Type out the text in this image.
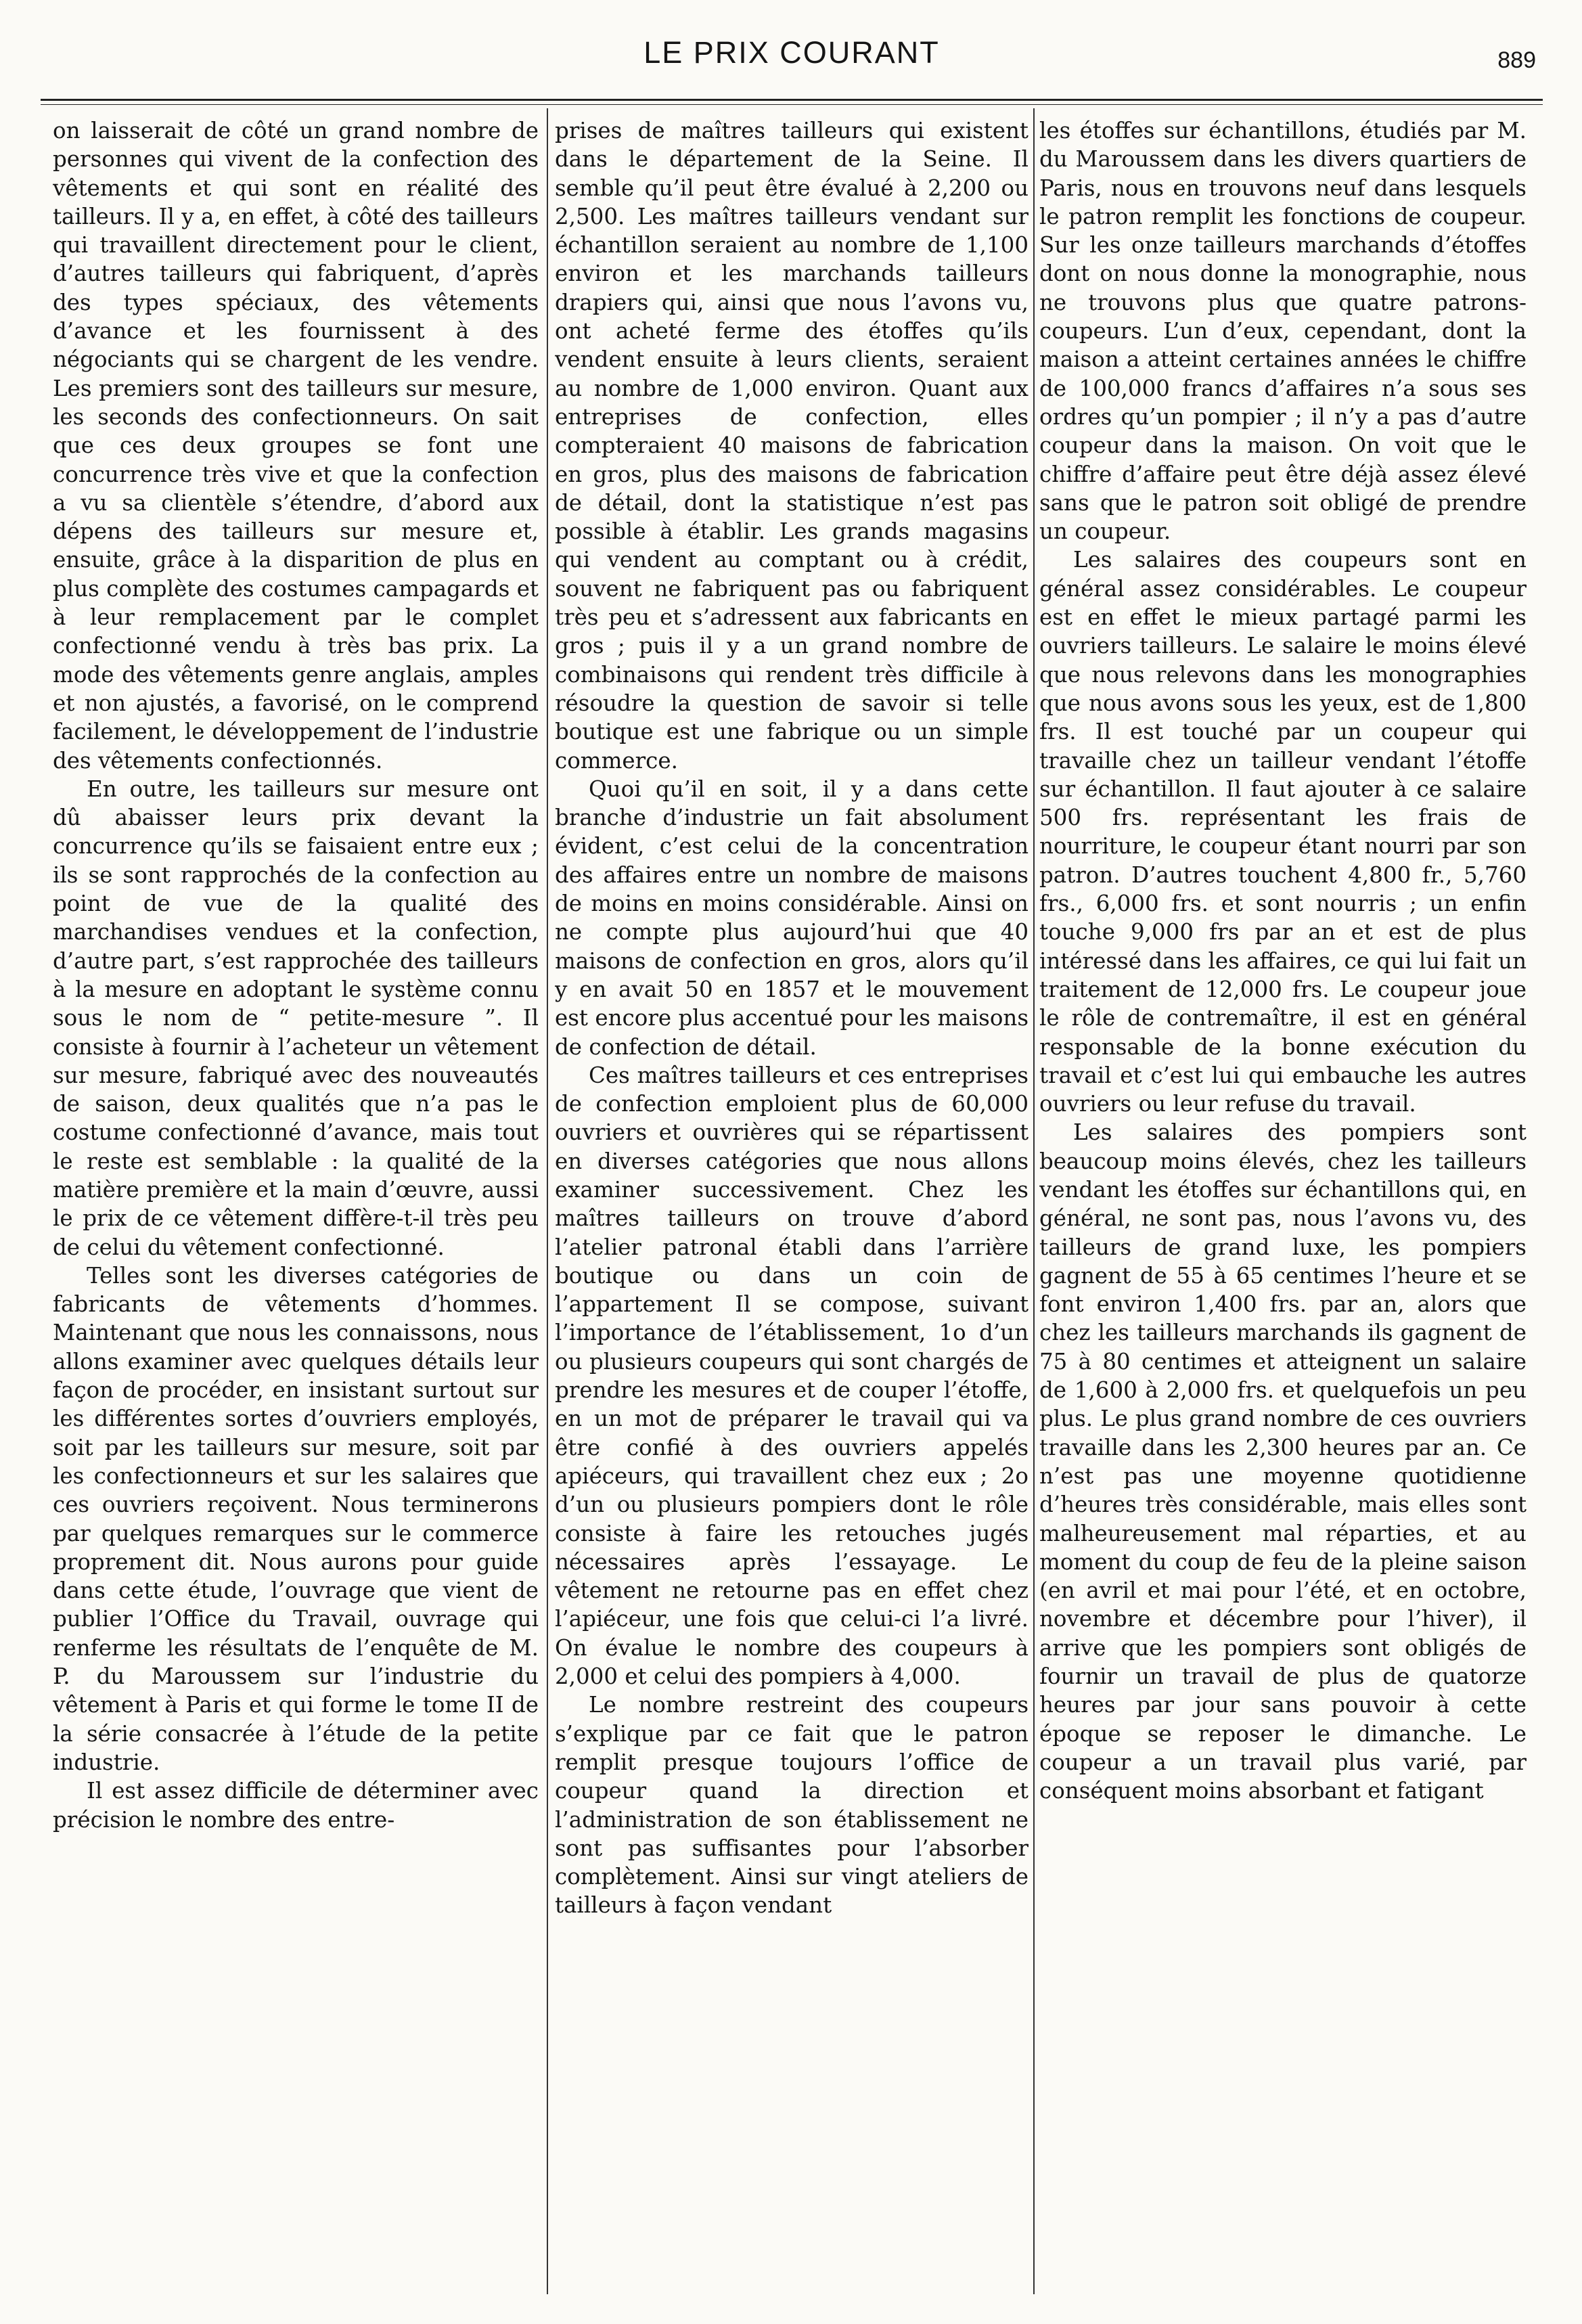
LE PRIX COURANT	889

on laisserait de côté un grand nombre de personnes qui vivent de la confection des vêtements et qui sont en réalité des tailleurs. Il y a, en effet, à côté des tailleurs qui travaillent directement pour le client, d’autres tailleurs qui fabriquent, d’après des types spéciaux, des vêtements d’avance et les fournissent à des négociants qui se chargent de les vendre. Les premiers sont des tailleurs sur mesure, les seconds des confectionneurs. On sait que ces deux groupes se font une concurrence très vive et que la confection a vu sa clientèle s’étendre, d’abord aux dépens des tailleurs sur mesure et, ensuite, grâce à la disparition de plus en plus complète des costumes campagards et à leur remplacement par le complet confectionné vendu à très bas prix. La mode des vêtements genre anglais, amples et non ajustés, a favorisé, on le comprend facilement, le développement de l’industrie des vêtements confectionnés.

En outre, les tailleurs sur mesure ont dû abaisser leurs prix devant la concurrence qu’ils se faisaient entre eux ; ils se sont rapprochés de la confection au point de vue de la qualité des marchandises vendues et la confection, d’autre part, s’est rapprochée des tailleurs à la mesure en adoptant le système connu sous le nom de “ petite-mesure ”. Il consiste à fournir à l’acheteur un vêtement sur mesure, fabriqué avec des nouveautés de saison, deux qualités que n’a pas le costume confectionné d’avance, mais tout le reste est semblable : la qualité de la matière première et la main d’œuvre, aussi le prix de ce vêtement diffère-t-il très peu de celui du vêtement confectionné.

Telles sont les diverses catégories de fabricants de vêtements d’hommes. Maintenant que nous les connaissons, nous allons examiner avec quelques détails leur façon de procéder, en insistant surtout sur les différentes sortes d’ouvriers employés, soit par les tailleurs sur mesure, soit par les confectionneurs et sur les salaires que ces ouvriers reçoivent. Nous terminerons par quelques remarques sur le commerce proprement dit. Nous aurons pour guide dans cette étude, l’ouvrage que vient de publier l’Office du Travail, ouvrage qui renferme les résultats de l’enquête de M. P. du Maroussem sur l’industrie du vêtement à Paris et qui forme le tome II de la série consacrée à l’étude de la petite industrie.

Il est assez difficile de déterminer avec précision le nombre des entre-

prises de maîtres tailleurs qui existent dans le département de la Seine. Il semble qu’il peut être évalué à 2,200 ou 2,500. Les maîtres tailleurs vendant sur échantillon seraient au nombre de 1,100 environ et les marchands tailleurs drapiers qui, ainsi que nous l’avons vu, ont acheté ferme des étoffes qu’ils vendent ensuite à leurs clients, seraient au nombre de 1,000 environ. Quant aux entreprises de confection, elles compteraient 40 maisons de fabrication en gros, plus des maisons de fabrication de détail, dont la statistique n’est pas possible à établir. Les grands magasins qui vendent au comptant ou à crédit, souvent ne fabriquent pas ou fabriquent très peu et s’adressent aux fabricants en gros ; puis il y a un grand nombre de combinaisons qui rendent très difficile à résoudre la question de savoir si telle boutique est une fabrique ou un simple commerce.

Quoi qu’il en soit, il y a dans cette branche d’industrie un fait absolument évident, c’est celui de la concentration des affaires entre un nombre de maisons de moins en moins considérable. Ainsi on ne compte plus aujourd’hui que 40 maisons de confection en gros, alors qu’il y en avait 50 en 1857 et le mouvement est encore plus accentué pour les maisons de confection de détail.

Ces maîtres tailleurs et ces entreprises de confection emploient plus de 60,000 ouvriers et ouvrières qui se répartissent en diverses catégories que nous allons examiner successivement. Chez les maîtres tailleurs on trouve d’abord l’atelier patronal établi dans l’arrière boutique ou dans un coin de l’appartement Il se compose, suivant l’importance de l’établissement, 1o d’un ou plusieurs coupeurs qui sont chargés de prendre les mesures et de couper l’étoffe, en un mot de préparer le travail qui va être confié à des ouvriers appelés apiéceurs, qui travaillent chez eux ; 2o d’un ou plusieurs pompiers dont le rôle consiste à faire les retouches jugés nécessaires après l’essayage. Le vêtement ne retourne pas en effet chez l’apiéceur, une fois que celui-ci l’a livré. On évalue le nombre des coupeurs à 2,000 et celui des pompiers à 4,000.

Le nombre restreint des coupeurs s’explique par ce fait que le patron remplit presque toujours l’office de coupeur quand la direction et l’administration de son établissement ne sont pas suffisantes pour l’absorber complètement. Ainsi sur vingt ateliers de tailleurs à façon vendant

les étoffes sur échantillons, étudiés par M. du Maroussem dans les divers quartiers de Paris, nous en trouvons neuf dans lesquels le patron remplit les fonctions de coupeur. Sur les onze tailleurs marchands d’étoffes dont on nous donne la monographie, nous ne trouvons plus que quatre patrons-coupeurs. L’un d’eux, cependant, dont la maison a atteint certaines années le chiffre de 100,000 francs d’affaires n’a sous ses ordres qu’un pompier ; il n’y a pas d’autre coupeur dans la maison. On voit que le chiffre d’affaire peut être déjà assez élevé sans que le patron soit obligé de prendre un coupeur.

Les salaires des coupeurs sont en général assez considérables. Le coupeur est en effet le mieux partagé parmi les ouvriers tailleurs. Le salaire le moins élevé que nous relevons dans les monographies que nous avons sous les yeux, est de 1,800 frs. Il est touché par un coupeur qui travaille chez un tailleur vendant l’étoffe sur échantillon. Il faut ajouter à ce salaire 500 frs. représentant les frais de nourriture, le coupeur étant nourri par son patron. D’autres touchent 4,800 fr., 5,760 frs., 6,000 frs. et sont nourris ; un enfin touche 9,000 frs par an et est de plus intéressé dans les affaires, ce qui lui fait un traitement de 12,000 frs. Le coupeur joue le rôle de contremaître, il est en général responsable de la bonne exécution du travail et c’est lui qui embauche les autres ouvriers ou leur refuse du travail.

Les salaires des pompiers sont beaucoup moins élevés, chez les tailleurs vendant les étoffes sur échantillons qui, en général, ne sont pas, nous l’avons vu, des tailleurs de grand luxe, les pompiers gagnent de 55 à 65 centimes l’heure et se font environ 1,400 frs. par an, alors que chez les tailleurs marchands ils gagnent de 75 à 80 centimes et atteignent un salaire de 1,600 à 2,000 frs. et quelquefois un peu plus. Le plus grand nombre de ces ouvriers travaille dans les 2,300 heures par an. Ce n’est pas une moyenne quotidienne d’heures très considérable, mais elles sont malheureusement mal réparties, et au moment du coup de feu de la pleine saison (en avril et mai pour l’été, et en octobre, novembre et décembre pour l’hiver), il arrive que les pompiers sont obligés de fournir un travail de plus de quatorze heures par jour sans pouvoir à cette époque se reposer le dimanche. Le coupeur a un travail plus varié, par conséquent moins absorbant et fatigant
